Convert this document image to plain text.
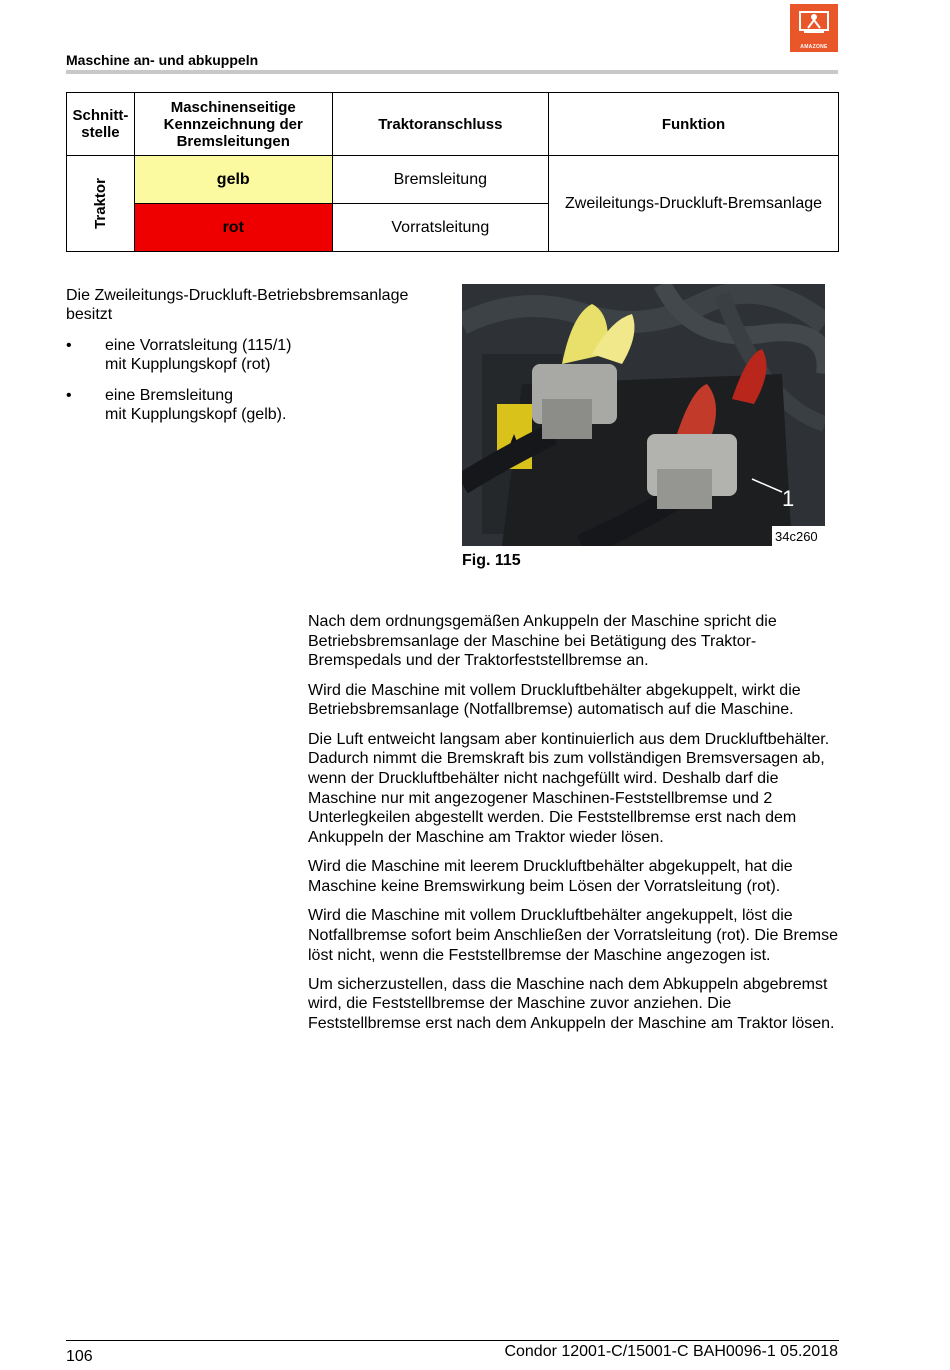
AMAZONE
Maschine an- und abkuppeln
Schnitt-stelle	Maschinenseitige Kennzeichnung der Bremsleitungen	Traktoranschluss	Funktion
Traktor	gelb	Bremsleitung	Zweileitungs-Druckluft-Bremsanlage
	rot	Vorratsleitung	
Die Zweileitungs-Druckluft-Betriebsbremsanlage besitzt
• eine Vorratsleitung (115/1)
mit Kupplungskopf (rot)
• eine Bremsleitung
mit Kupplungskopf (gelb).
1
34c260
Fig. 115

Nach dem ordnungsgemäßen Ankuppeln der Maschine spricht die Betriebsbremsanlage der Maschine bei Betätigung des Traktor-Bremspedals und der Traktorfeststellbremse an.

Wird die Maschine mit vollem Druckluftbehälter abgekuppelt, wirkt die Betriebsbremsanlage (Notfallbremse) automatisch auf die Maschine.

Die Luft entweicht langsam aber kontinuierlich aus dem Druckluftbehälter. Dadurch nimmt die Bremskraft bis zum vollständigen Bremsversagen ab, wenn der Druckluftbehälter nicht nachgefüllt wird. Deshalb darf die Maschine nur mit angezogener Maschinen-Feststellbremse und 2 Unterlegkeilen abgestellt werden. Die Feststellbremse erst nach dem Ankuppeln der Maschine am Traktor wieder lösen.

Wird die Maschine mit leerem Druckluftbehälter abgekuppelt, hat die Maschine keine Bremswirkung beim Lösen der Vorratsleitung (rot).

Wird die Maschine mit vollem Druckluftbehälter angekuppelt, löst die Notfallbremse sofort beim Anschließen der Vorratsleitung (rot). Die Bremse löst nicht, wenn die Feststellbremse der Maschine angezogen ist.

Um sicherzustellen, dass die Maschine nach dem Abkuppeln abgebremst wird, die Feststellbremse der Maschine zuvor anziehen. Die Feststellbremse erst nach dem Ankuppeln der Maschine am Traktor lösen.

106	Condor 12001-C/15001-C BAH0096-1 05.2018
